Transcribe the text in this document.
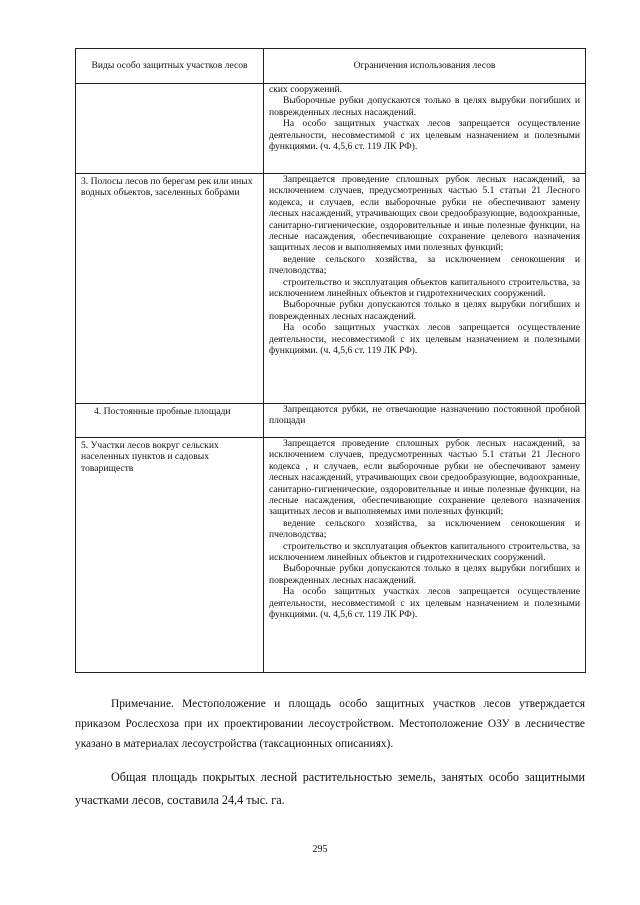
Виды особо защитных участков лесов	Ограничения использования лесов

	ских сооружений.

Выборочные рубки допускаются только в целях вырубки погибших и поврежденных лесных насаждений.

На особо защитных участках лесов запрещается осуществление деятельности, несовместимой с их целевым назначением и полезными функциями. (ч. 4,5,6 ст. 119 ЛК РФ).

3. Полосы лесов по берегам рек или иных водных объектов, заселенных бобрами	Запрещается проведение сплошных рубок лесных насаждений, за исключением случаев, предусмотренных частью 5.1 статьи 21 Лесного кодекса, и случаев, если выборочные рубки не обеспечивают замену лесных насаждений, утрачивающих свои средообразующие, водоохранные, санитарно-гигиенические, оздоровительные и иные полезные функции, на лесные насаждения, обеспечивающие сохранение целевого назначения защитных лесов и выполняемых ими полезных функций;

ведение сельского хозяйства, за исключением сенокошения и пчеловодства;

строительство и эксплуатация объектов капитального строительства, за исключением линейных объектов и гидротехнических сооружений.

Выборочные рубки допускаются только в целях вырубки погибших и поврежденных лесных насаждений.

На особо защитных участках лесов запрещается осуществление деятельности, несовместимой с их целевым назначением и полезными функциями. (ч. 4,5,6 ст. 119 ЛК РФ).

4. Постоянные пробные площади	Запрещаются рубки, не отвечающие назначению постоянной пробной площади

5. Участки лесов вокруг сельских населенных пунктов и садовых товариществ	Запрещается проведение сплошных рубок лесных насаждений, за исключением случаев, предусмотренных частью 5.1 статьи 21 Лесного кодекса , и случаев, если выборочные рубки не обеспечивают замену лесных насаждений, утрачивающих свои средообразующие, водоохранные, санитарно-гигиенические, оздоровительные и иные полезные функции, на лесные насаждения, обеспечивающие сохранение целевого назначения защитных лесов и выполняемых ими полезных функций;

ведение сельского хозяйства, за исключением сенокошения и пчеловодства;

строительство и эксплуатация объектов капитального строительства, за исключением линейных объектов и гидротехнических сооружений.

Выборочные рубки допускаются только в целях вырубки погибших и поврежденных лесных насаждений.

На особо защитных участках лесов запрещается осуществление деятельности, несовместимой с их целевым назначением и полезными функциями. (ч. 4,5,6 ст. 119 ЛК РФ).

Примечание. Местоположение и площадь особо защитных участков лесов утверждается приказом Рослесхоза при их проектировании лесоустройством. Местоположение ОЗУ в лесничестве указано в материалах лесоустройства (таксационных описаниях).

Общая площадь покрытых лесной растительностью земель, занятых особо защитными участками лесов, составила 24,4 тыс. га.

295
